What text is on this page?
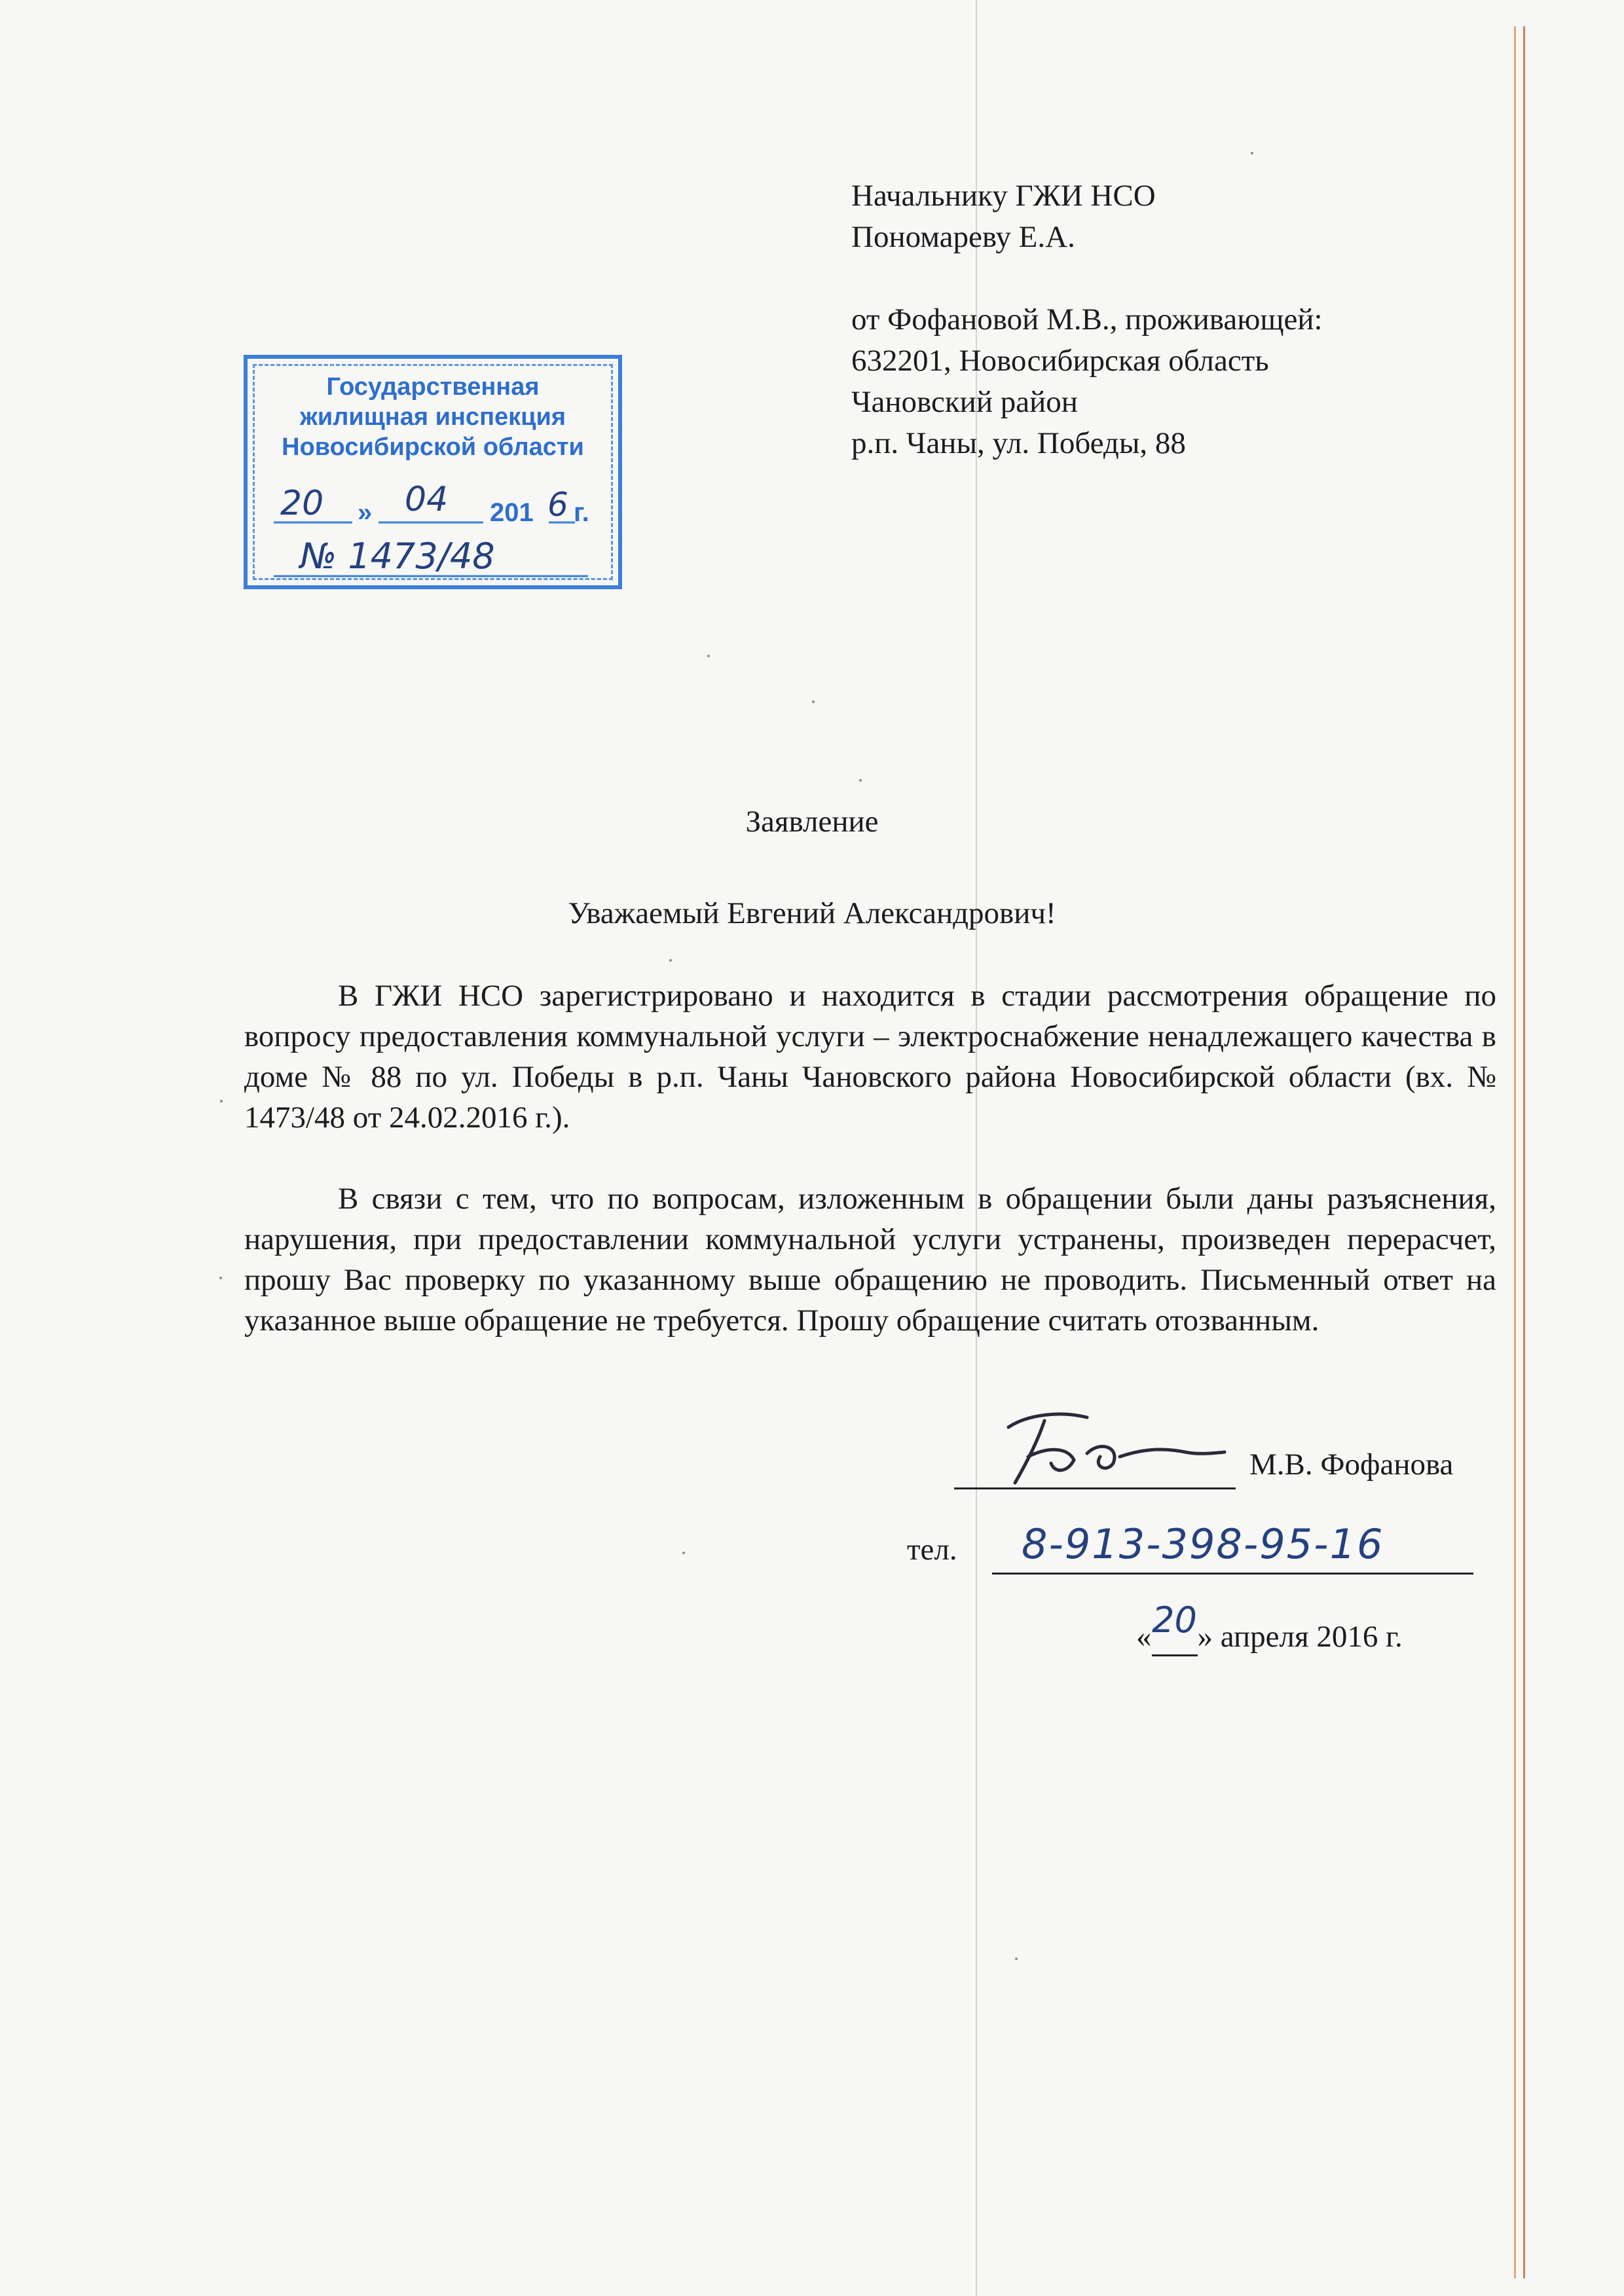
Начальнику ГЖИ НСО
Пономареву Е.А.
от Фофановой М.В., проживающей:
632201, Новосибирская область
Чановский район
р.п. Чаны, ул. Победы, 88
Государственная
жилищная инспекция
Новосибирской области
»
20 04 201 6 г.
№ 1473/48
Заявление
Уважаемый Евгений Александрович!

В ГЖИ НСО зарегистрировано и находится в стадии рассмотрения обращение по вопросу предоставления коммунальной услуги – электроснабжение ненадлежащего качества в доме № 88 по ул. Победы в р.п. Чаны Чановского района Новосибирской области (вх. № 1473/48 от 24.02.2016 г.).

В связи с тем, что по вопросам, изложенным в обращении были даны разъяснения, нарушения, при предоставлении коммунальной услуги устранены, произведен перерасчет, прошу Вас проверку по указанному выше обращению не проводить. Письменный ответ на указанное выше обращение не требуется. Прошу обращение считать отозванным.

М.В. Фофанова
тел. 8-913-398-95-16
« 20 » апреля 2016 г.
